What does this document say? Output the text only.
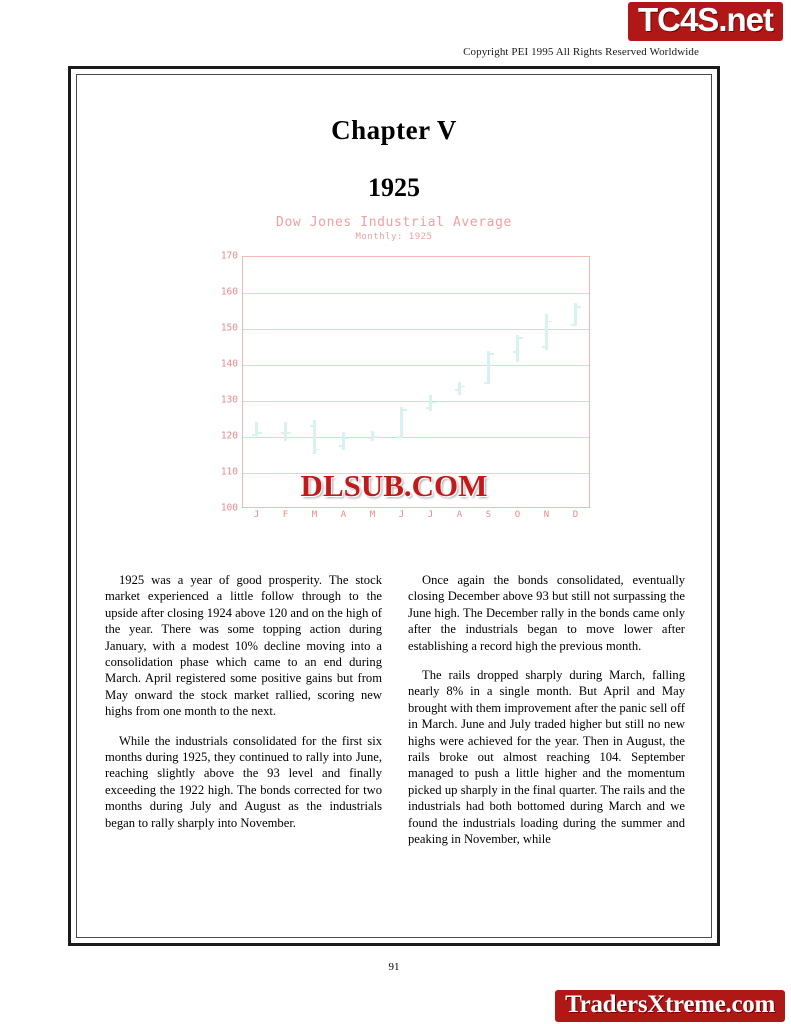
TC4S.net
Copyright PEI 1995 All Rights Reserved Worldwide
Chapter V
1925
Dow Jones Industrial Average
Monthly: 1925
100
110
120
130
140
150
160
170
J	F	M	A	M	J	J	A	S	O	N	D
DLSUB.COM

1925 was a year of good prosperity. The stock market experienced a little follow through to the upside after closing 1924 above 120 and on the high of the year. There was some topping action during January, with a modest 10% decline moving into a consolidation phase which came to an end during March. April registered some positive gains but from May onward the stock market rallied, scoring new highs from one month to the next.

While the industrials consolidated for the first six months during 1925, they continued to rally into June, reaching slightly above the 93 level and finally exceeding the 1922 high. The bonds corrected for two months during July and August as the industrials began to rally sharply into November.

Once again the bonds consolidated, eventually closing December above 93 but still not surpassing the June high. The December rally in the bonds came only after the industrials began to move lower after establishing a record high the previous month.

The rails dropped sharply during March, falling nearly 8% in a single month. But April and May brought with them improvement after the panic sell off in March. June and July traded higher but still no new highs were achieved for the year. Then in August, the rails broke out almost reaching 104. September managed to push a little higher and the momentum picked up sharply in the final quarter. The rails and the industrials had both bottomed during March and we found the industrials loading during the summer and peaking in November, while

91
TradersXtreme.com
